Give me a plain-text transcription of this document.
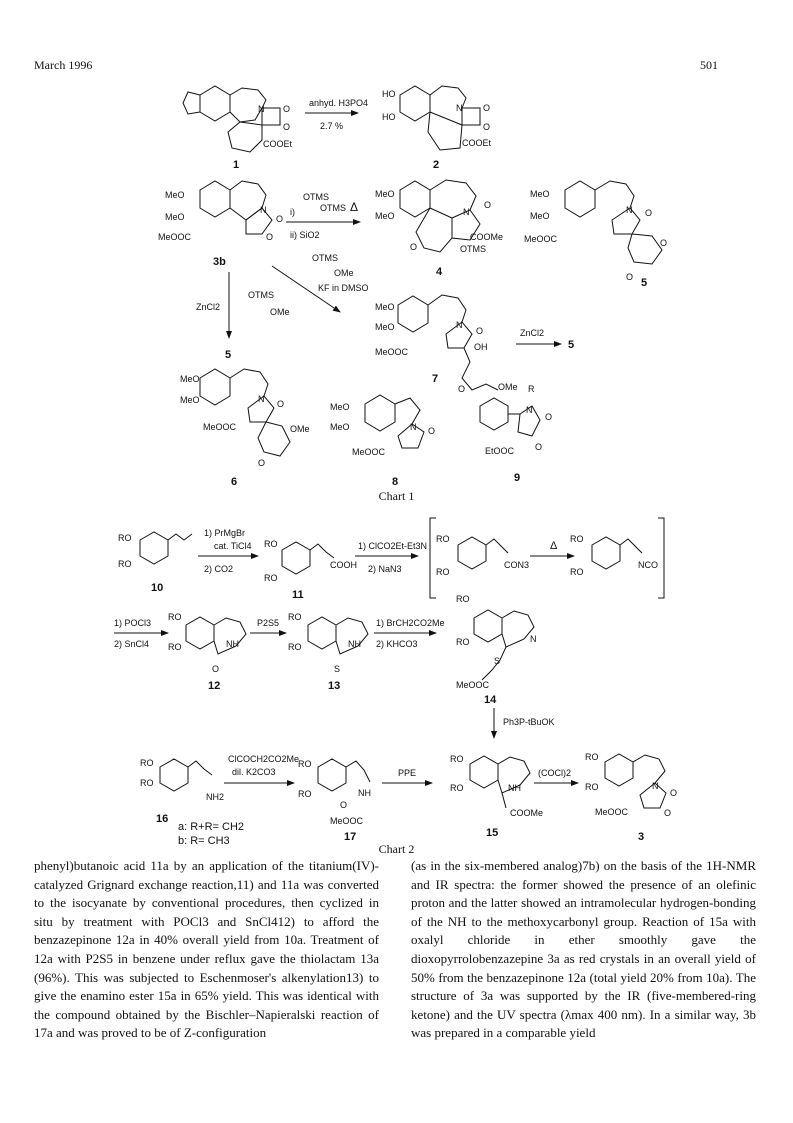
March 1996	501
N O
O
COOEt
1
anhyd. H3PO4
2.7 %
HO
HO
N O
O
COOEt
2
MeO
MeO
MeOOC
N
O
O
3b
i)
OTMS
OTMS Δ
ii) SiO2
MeO
MeO	N
O
COOMe
OTMS
O
4
MeO
MeO
MeOOC
N O
O
O 5
OTMS
OMe
KF in DMSO
ZnCl2
OTMS
OMe
5
MeO
MeO
MeOOC
N
O
OH
OMe
O
7
ZnCl2
5
MeO
MeO
MeOOC
N O
OMe
O
6
MeO
MeO
MeOOC
N O
8
R
N
O
O
EtOOC
9
RO
RO
10
1) PrMgBr
cat. TiCl4
2) CO2
RO
RO
COOH
11
1) ClCO2Et-Et3N
2) NaN3
RO
RO
CON3
Δ
RO
RO
NCO
1) POCl3
2) SnCl4
RO
RO	NH
O
12
P2S5
RO
RO	NH
S
13
1) BrCH2CO2Me
2) KHCO3
RO
RO	N
S
MeOOC
14
Ph3P-tBuOK
RO
RO
NH2
16
a: R+R= CH2
b: R= CH3
ClCOCH2CO2Me
dil. K2CO3
RO
RO	NH
O
MeOOC
17
PPE
RO
RO	NH
COOMe
15
(COCl)2
RO
RO
MeOOC
N
O
O
3
Chart 1
Chart 2

phenyl)butanoic acid 11a by an application of the titanium(IV)-catalyzed Grignard exchange reaction,11) and 11a was converted to the isocyanate by conventional procedures, then cyclized in situ by treatment with POCl3 and SnCl412) to afford the benzazepinone 12a in 40% overall yield from 10a. Treatment of 12a with P2S5 in benzene under reflux gave the thiolactam 13a (96%). This was subjected to Eschenmoser's alkenylation13) to give the enamino ester 15a in 65% yield. This was identical with the compound obtained by the Bischler–Napieralski reaction of 17a and was proved to be of Z-configuration

(as in the six-membered analog)7b) on the basis of the 1H-NMR and IR spectra: the former showed the presence of an olefinic proton and the latter showed an intramolecular hydrogen-bonding of the NH to the methoxycarbonyl group. Reaction of 15a with oxalyl chloride in ether smoothly gave the dioxopyrrolobenzazepine 3a as red crystals in an overall yield of 50% from the benzazepinone 12a (total yield 20% from 10a). The structure of 3a was supported by the IR (five-membered-ring ketone) and the UV spectra (λmax 400 nm). In a similar way, 3b was prepared in a comparable yield
